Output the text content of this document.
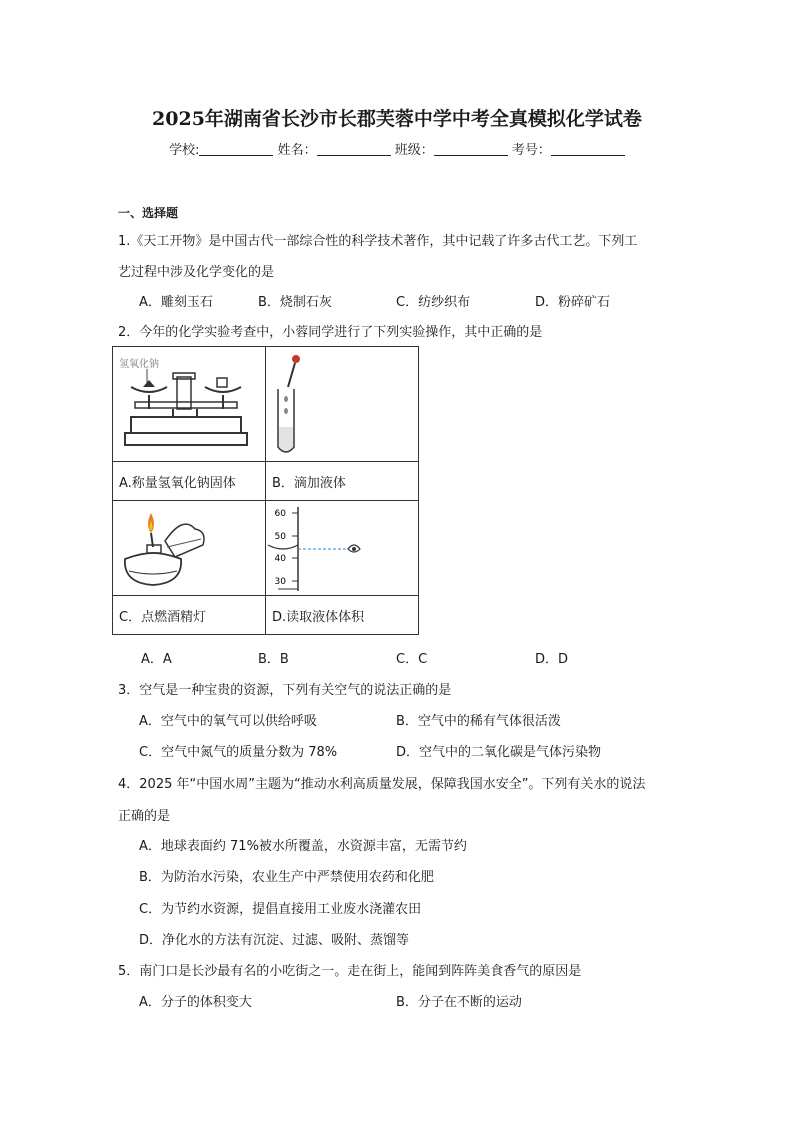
2025年湖南省长沙市长郡芙蓉中学中考全真模拟化学试卷
学校:	姓名：	班级：	考号：
一、选择题
1.《天工开物》是中国古代一部综合性的科学技术著作，其中记载了许多古代工艺。下列工
艺过程中涉及化学变化的是
A．雕刻玉石	B．烧制石灰	C．纺纱织布	D．粉碎矿石
2．今年的化学实验考查中，小蓉同学进行了下列实验操作，其中正确的是
氢氧化钠

A.称量氢氧化钠固体	B．滴加液体

60
50
40
30

C．点燃酒精灯	D.读取液体体积
A．A	B．B	C．C	D．D
3．空气是一种宝贵的资源，下列有关空气的说法正确的是
A．空气中的氧气可以供给呼吸	B．空气中的稀有气体很活泼
C．空气中氮气的质量分数为 78%	D．空气中的二氧化碳是气体污染物
4．2025 年“中国水周”主题为“推动水利高质量发展，保障我国水安全”。下列有关水的说法
正确的是
A．地球表面约 71%被水所覆盖，水资源丰富，无需节约
B．为防治水污染，农业生产中严禁使用农药和化肥
C．为节约水资源，提倡直接用工业废水浇灌农田
D．净化水的方法有沉淀、过滤、吸附、蒸馏等
5．南门口是长沙最有名的小吃街之一。走在街上，能闻到阵阵美食香气的原因是
A．分子的体积变大	B．分子在不断的运动
